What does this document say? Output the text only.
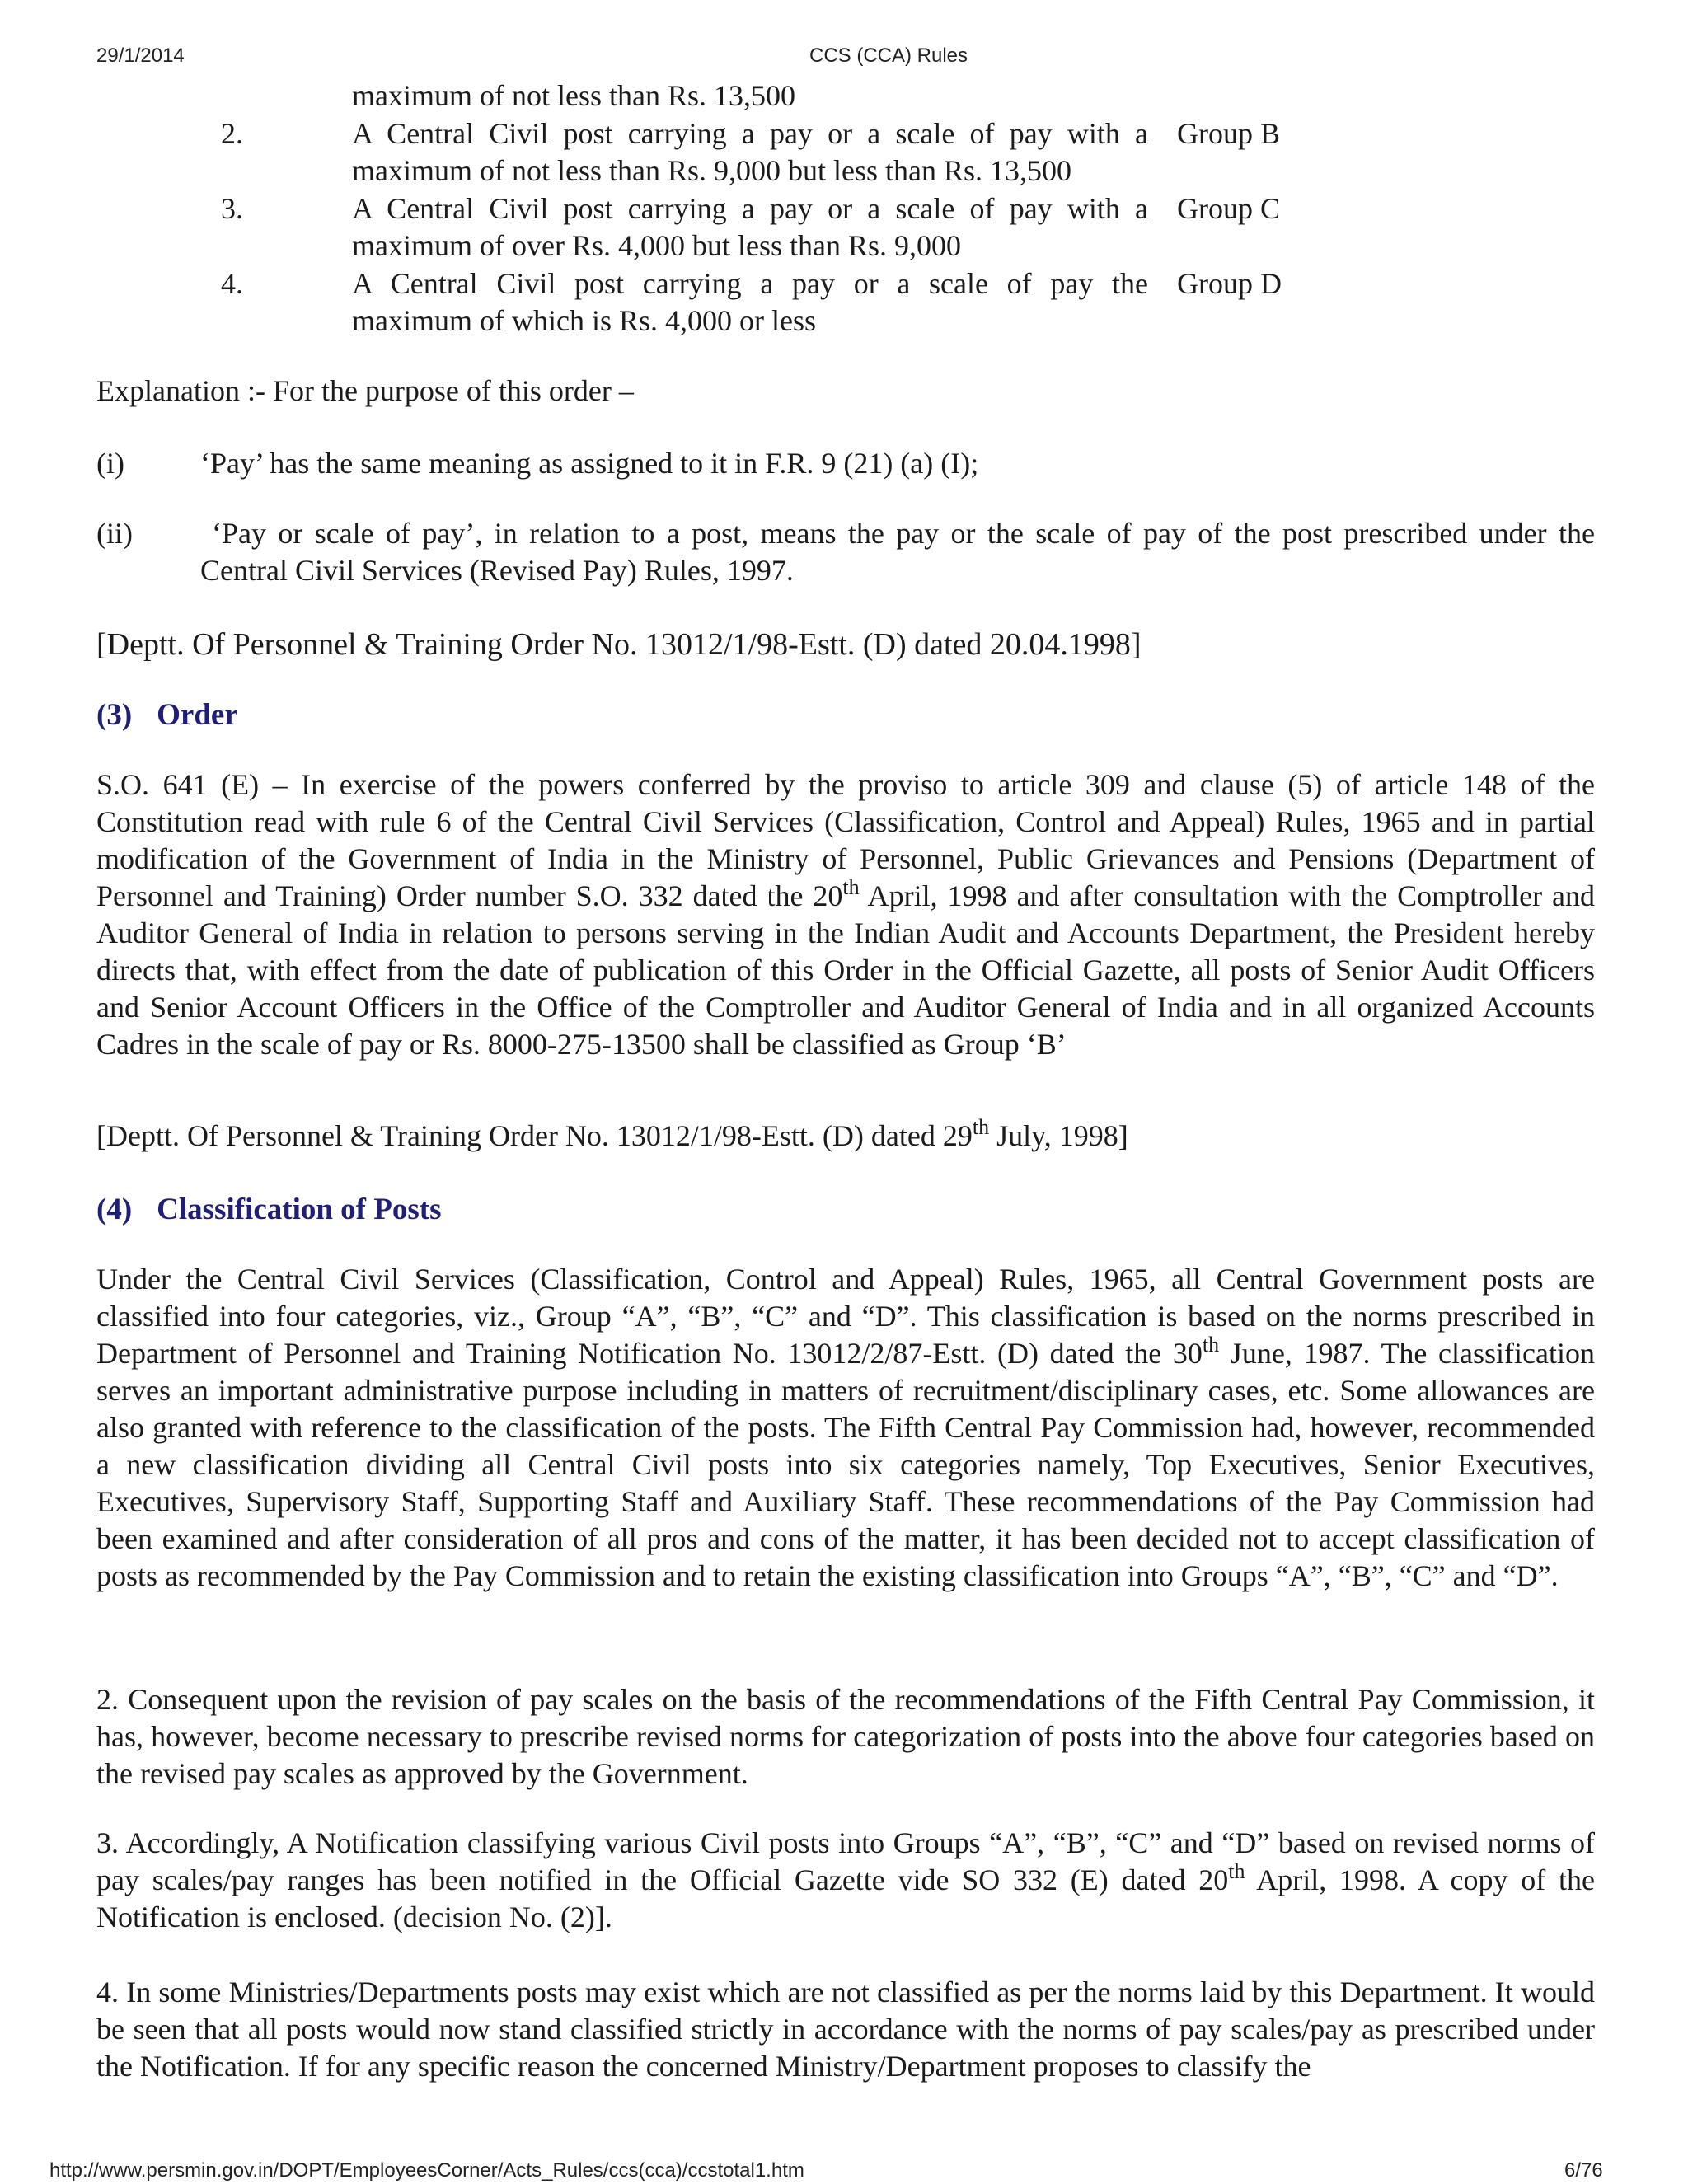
29/1/2014	CCS (CCA) Rules
maximum of not less than Rs. 13,500
2.	A Central Civil post carrying a pay or a scale of pay with a Group B
maximum of not less than Rs. 9,000 but less than Rs. 13,500
3.	A Central Civil post carrying a pay or a scale of pay with a Group C
maximum of over Rs. 4,000 but less than Rs. 9,000
4.	A Central Civil post carrying a pay or a scale of pay the Group D
maximum of which is Rs. 4,000 or less
Explanation :- For the purpose of this order –
(i)	‘Pay’ has the same meaning as assigned to it in F.R. 9 (21) (a) (I);
(ii)	‘Pay or scale of pay’, in relation to a post, means the pay or the scale of pay of the post prescribed under the
Central Civil Services (Revised Pay) Rules, 1997.
[Deptt. Of Personnel & Training Order No. 13012/1/98-Estt. (D) dated 20.04.1998]
(3) Order
S.O. 641 (E) – In exercise of the powers conferred by the proviso to article 309 and clause (5) of article 148 of the Constitution read with rule 6 of the Central Civil Services (Classification, Control and Appeal) Rules, 1965 and in partial modification of the Government of India in the Ministry of Personnel, Public Grievances and Pensions (Department of Personnel and Training) Order number S.O. 332 dated the 20th April, 1998 and after consultation with the Comptroller and Auditor General of India in relation to persons serving in the Indian Audit and Accounts Department, the President hereby directs that, with effect from the date of publication of this Order in the Official Gazette, all posts of Senior Audit Officers and Senior Account Officers in the Office of the Comptroller and Auditor General of India and in all organized Accounts Cadres in the scale of pay or Rs. 8000-275-13500 shall be classified as Group ‘B’
[Deptt. Of Personnel & Training Order No. 13012/1/98-Estt. (D) dated 29th July, 1998]
(4) Classification of Posts
Under the Central Civil Services (Classification, Control and Appeal) Rules, 1965, all Central Government posts are classified into four categories, viz., Group “A”, “B”, “C” and “D”. This classification is based on the norms prescribed in Department of Personnel and Training Notification No. 13012/2/87-Estt. (D) dated the 30th June, 1987. The classification serves an important administrative purpose including in matters of recruitment/disciplinary cases, etc. Some allowances are also granted with reference to the classification of the posts. The Fifth Central Pay Commission had, however, recommended a new classification dividing all Central Civil posts into six categories namely, Top Executives, Senior Executives, Executives, Supervisory Staff, Supporting Staff and Auxiliary Staff. These recommendations of the Pay Commission had been examined and after consideration of all pros and cons of the matter, it has been decided not to accept classification of posts as recommended by the Pay Commission and to retain the existing classification into Groups “A”, “B”, “C” and “D”.
2. Consequent upon the revision of pay scales on the basis of the recommendations of the Fifth Central Pay Commission, it has, however, become necessary to prescribe revised norms for categorization of posts into the above four categories based on the revised pay scales as approved by the Government.
3. Accordingly, A Notification classifying various Civil posts into Groups “A”, “B”, “C” and “D” based on revised norms of pay scales/pay ranges has been notified in the Official Gazette vide SO 332 (E) dated 20th April, 1998. A copy of the Notification is enclosed. (decision No. (2)].
4. In some Ministries/Departments posts may exist which are not classified as per the norms laid by this Department. It would be seen that all posts would now stand classified strictly in accordance with the norms of pay scales/pay as prescribed under the Notification. If for any specific reason the concerned Ministry/Department proposes to classify the
http://www.persmin.gov.in/DOPT/EmployeesCorner/Acts_Rules/ccs(cca)/ccstotal1.htm	6/76
